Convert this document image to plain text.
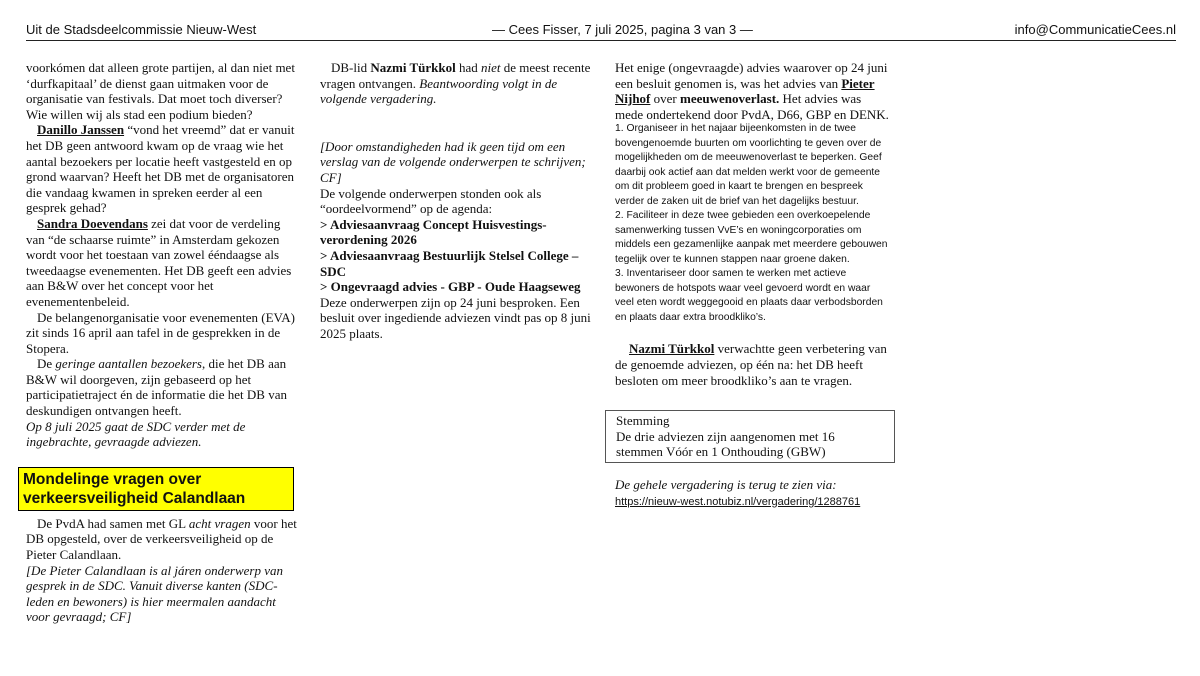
Uit de Stadsdeelcommissie Nieuw-West	— Cees Fisser, 7 juli 2025, pagina 3 van 3 —	info@CommunicatieCees.nl

voorkómen dat alleen grote partijen, al dan niet met ‘durfkapitaal’ de dienst gaan uitmaken voor de organisatie van festivals. Dat moet toch diverser? Wie willen wij als stad een podium bieden?

Danillo Janssen “vond het vreemd” dat er vanuit het DB geen antwoord kwam op de vraag wie het aantal bezoekers per locatie heeft vastgesteld en op grond waarvan? Heeft het DB met de organisatoren die vandaag kwamen in spreken eerder al een gesprek gehad?

Sandra Doevendans zei dat voor de verdeling van “de schaarse ruimte” in Amsterdam gekozen wordt voor het toestaan van zowel ééndaagse als tweedaagse evenementen. Het DB geeft een advies aan B&W over het concept voor het evenementenbeleid.

De belangenorganisatie voor evenementen (EVA) zit sinds 16 april aan tafel in de gesprekken in de Stopera.

De geringe aantallen bezoekers, die het DB aan B&W wil doorgeven, zijn gebaseerd op het participatietraject én de informatie die het DB van deskundigen ontvangen heeft.

Op 8 juli 2025 gaat de SDC verder met de ingebrachte, gevraagde adviezen.

Mondelinge vragen over verkeersveiligheid Calandlaan

De PvdA had samen met GL acht vragen voor het DB opgesteld, over de verkeersveiligheid op de Pieter Calandlaan.

[De Pieter Calandlaan is al járen onderwerp van gesprek in de SDC. Vanuit diverse kanten (SDC-leden en bewoners) is hier meermalen aandacht voor gevraagd; CF]

DB-lid Nazmi Türkkol had niet de meest recente vragen ontvangen. Beantwoording volgt in de volgende vergadering.

[Door omstandigheden had ik geen tijd om een verslag van de volgende onderwerpen te schrijven; CF]

De volgende onderwerpen stonden ook als “oordeelvormend” op de agenda:

> Adviesaanvraag Concept Huisvestings-verordening 2026

> Adviesaanvraag Bestuurlijk Stelsel College – SDC

> Ongevraagd advies - GBP - Oude Haagseweg

Deze onderwerpen zijn op 24 juni besproken. Een besluit over ingediende adviezen vindt pas op 8 juni 2025 plaats.

Het enige (ongevraagde) advies waarover op 24 juni een besluit genomen is, was het advies van Pieter Nijhof over meeuwenoverlast. Het advies was mede ondertekend door PvdA, D66, GBP en DENK.

1. Organiseer in het najaar bijeenkomsten in de twee bovengenoemde buurten om voorlichting te geven over de mogelijkheden om de meeuwenoverlast te beperken. Geef daarbij ook actief aan dat melden werkt voor de gemeente om dit probleem goed in kaart te brengen en bespreek verder de zaken uit de brief van het dagelijks bestuur.

2. Faciliteer in deze twee gebieden een overkoepelende samenwerking tussen VvE’s en woningcorporaties om middels een gezamenlijke aanpak met meerdere gebouwen tegelijk over te kunnen stappen naar groene daken.

3. Inventariseer door samen te werken met actieve bewoners de hotspots waar veel gevoerd wordt en waar veel eten wordt weggegooid en plaats daar verbodsborden en plaats daar extra broodkliko’s.

Nazmi Türkkol verwachtte geen verbetering van de genoemde adviezen, op één na: het DB heeft besloten om meer broodkliko’s aan te vragen.

Stemming
De drie adviezen zijn aangenomen met 16 stemmen Vóór en 1 Onthouding (GBW)

De gehele vergadering is terug te zien via:

https://nieuw-west.notubiz.nl/vergadering/1288761
